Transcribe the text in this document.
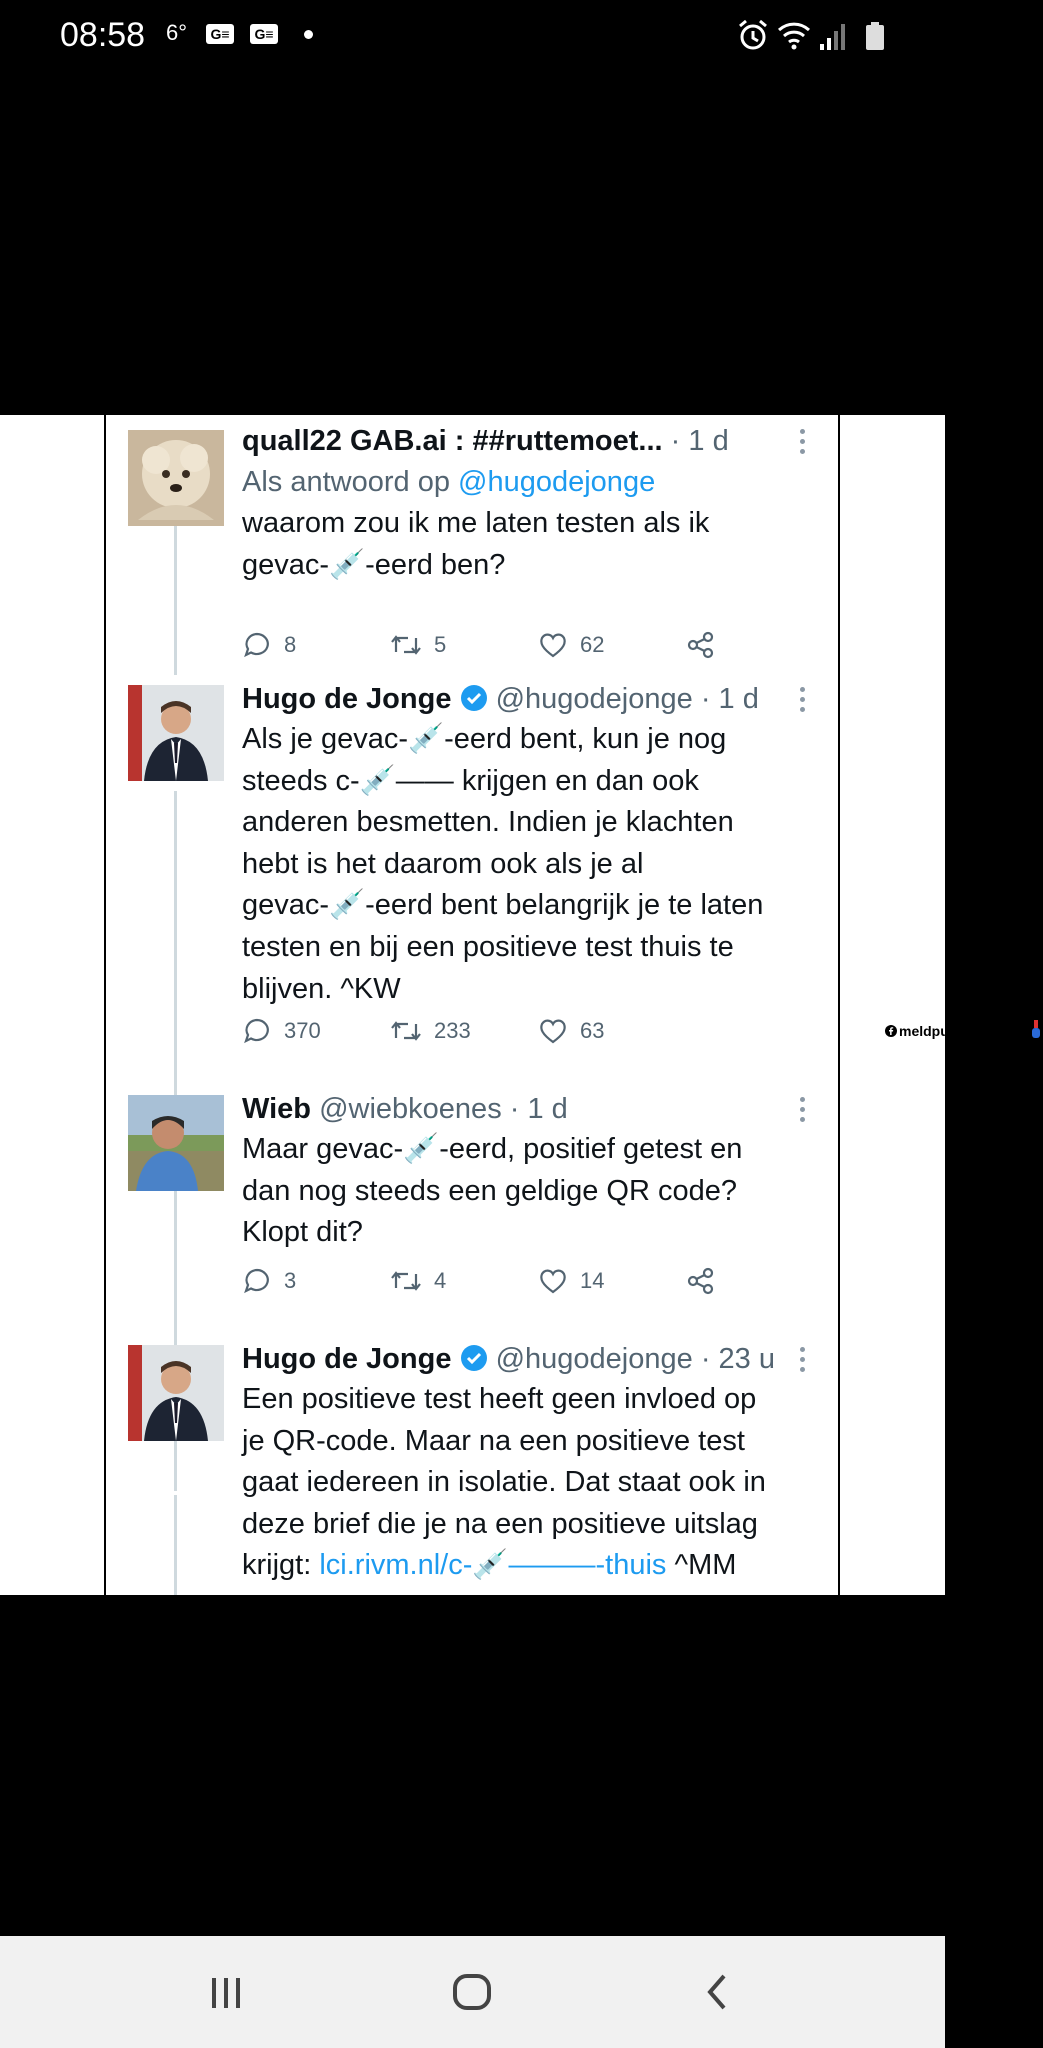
08:58 6°	G≡	G≡
quall22 GAB.ai : ##ruttemoet... · 1 d
Als antwoord op @hugodejonge
waarom zou ik me laten testen als ik
gevac-💉-eerd ben?
8	5	62
Hugo de Jonge @hugodejonge · 1 d
Als je gevac-💉-eerd bent, kun je nog
steeds c-💉—— krijgen en dan ook
anderen besmetten. Indien je klachten
hebt is het daarom ook als je al
gevac-💉-eerd bent belangrijk je te laten
testen en bij een positieve test thuis te
blijven. ^KW
370	233	63	meldpuntnederland
Wieb @wiebkoenes · 1 d
Maar gevac-💉-eerd, positief getest en
dan nog steeds een geldige QR code?
Klopt dit?
3	4	14
Hugo de Jonge @hugodejonge · 23 u
Een positieve test heeft geen invloed op
je QR-code. Maar na een positieve test
gaat iedereen in isolatie. Dat staat ook in
deze brief die je na een positieve uitslag
krijgt: lci.rivm.nl/c-💉———-thuis ^MM
